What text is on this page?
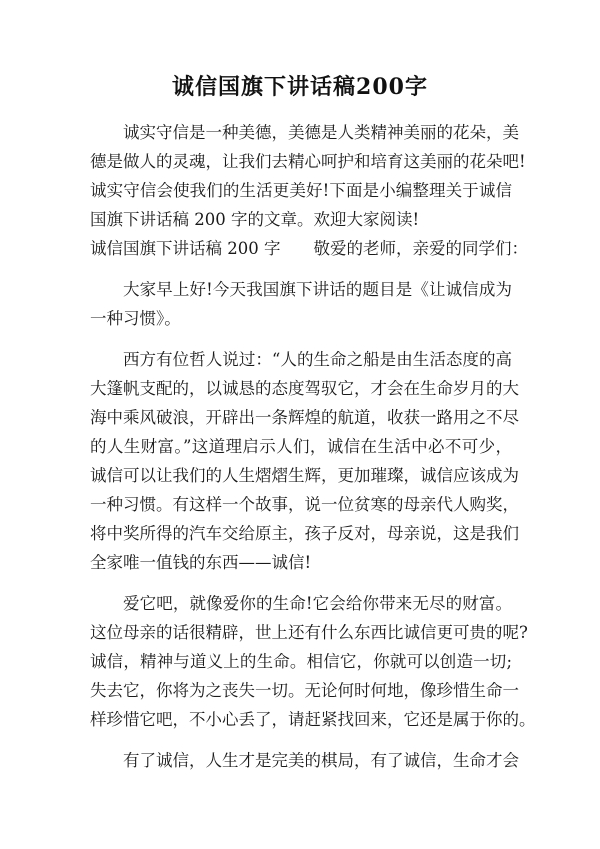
诚信国旗下讲话稿200字
诚实守信是一种美德，美德是人类精神美丽的花朵，美
德是做人的灵魂，让我们去精心呵护和培育这美丽的花朵吧!
诚实守信会使我们的生活更美好!下面是小编整理关于诚信
国旗下讲话稿 200 字的文章。欢迎大家阅读!
诚信国旗下讲话稿 200 字　　敬爱的老师，亲爱的同学们：
大家早上好!今天我国旗下讲话的题目是《让诚信成为
一种习惯》。
西方有位哲人说过：“人的生命之船是由生活态度的高
大篷帆支配的，以诚恳的态度驾驭它，才会在生命岁月的大
海中乘风破浪，开辟出一条辉煌的航道，收获一路用之不尽
的人生财富。”这道理启示人们，诚信在生活中必不可少，
诚信可以让我们的人生熠熠生辉，更加璀璨，诚信应该成为
一种习惯。有这样一个故事，说一位贫寒的母亲代人购奖，
将中奖所得的汽车交给原主，孩子反对，母亲说，这是我们
全家唯一值钱的东西——诚信!
爱它吧，就像爱你的生命!它会给你带来无尽的财富。
这位母亲的话很精辟，世上还有什么东西比诚信更可贵的呢?
诚信，精神与道义上的生命。相信它，你就可以创造一切;
失去它，你将为之丧失一切。无论何时何地，像珍惜生命一
样珍惜它吧，不小心丢了，请赶紧找回来，它还是属于你的。
有了诚信，人生才是完美的棋局，有了诚信，生命才会
